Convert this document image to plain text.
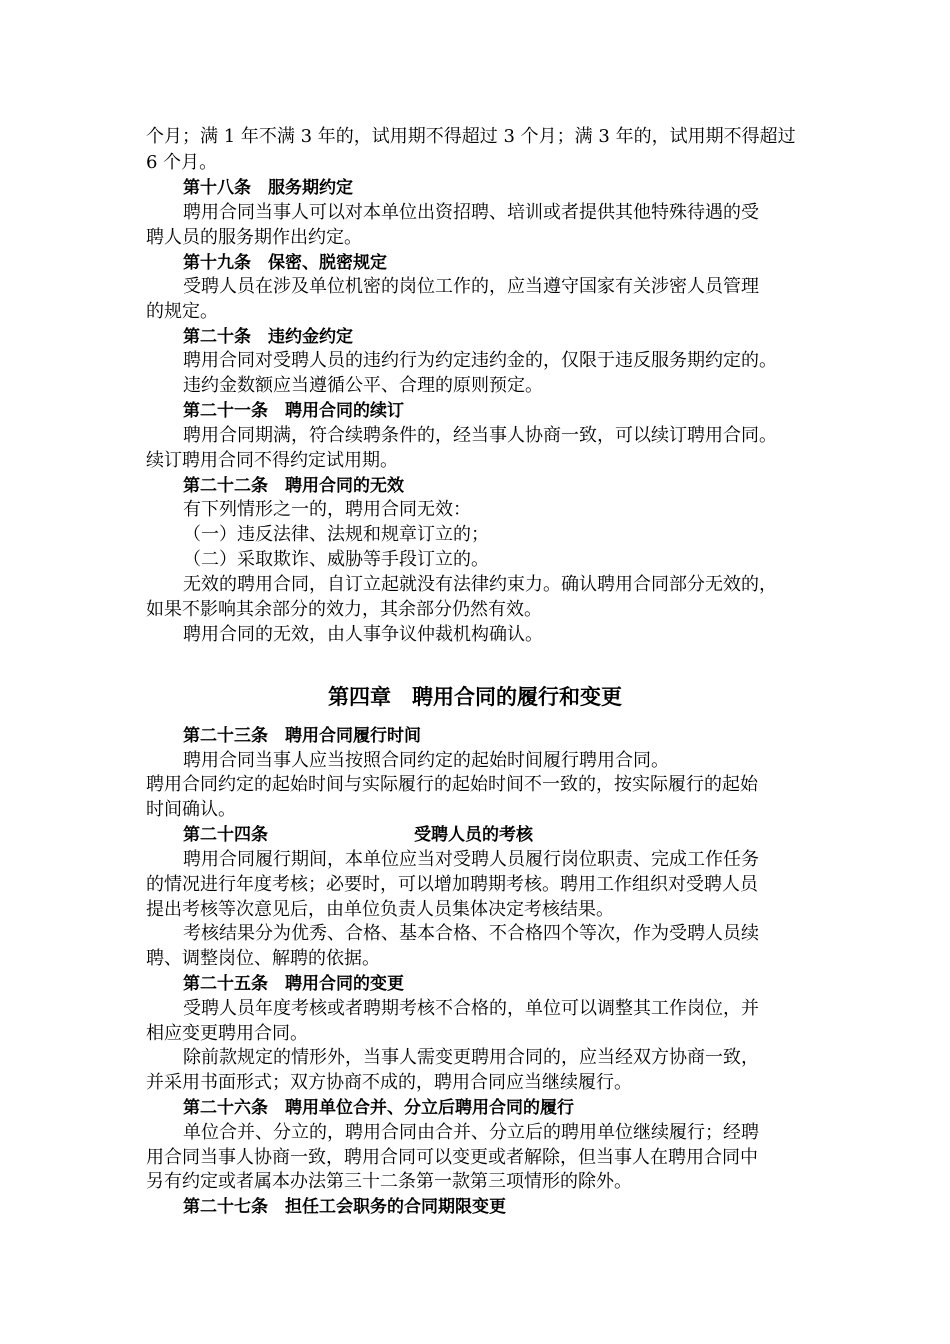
个月；满 1 年不满 3 年的，试用期不得超过 3 个月；满 3 年的，试用期不得超过
6 个月。
第十八条　服务期约定
聘用合同当事人可以对本单位出资招聘、培训或者提供其他特殊待遇的受
聘人员的服务期作出约定。
第十九条　保密、脱密规定
受聘人员在涉及单位机密的岗位工作的，应当遵守国家有关涉密人员管理
的规定。
第二十条　违约金约定
聘用合同对受聘人员的违约行为约定违约金的，仅限于违反服务期约定的。
违约金数额应当遵循公平、合理的原则预定。
第二十一条　聘用合同的续订
聘用合同期满，符合续聘条件的，经当事人协商一致，可以续订聘用合同。
续订聘用合同不得约定试用期。
第二十二条　聘用合同的无效
有下列情形之一的，聘用合同无效：
（一）违反法律、法规和规章订立的；
（二）采取欺诈、威胁等手段订立的。
无效的聘用合同，自订立起就没有法律约束力。确认聘用合同部分无效的，
如果不影响其余部分的效力，其余部分仍然有效。
聘用合同的无效，由人事争议仲裁机构确认。
第四章　聘用合同的履行和变更
第二十三条　聘用合同履行时间
聘用合同当事人应当按照合同约定的起始时间履行聘用合同。
聘用合同约定的起始时间与实际履行的起始时间不一致的，按实际履行的起始
时间确认。
第二十四条	受聘人员的考核
聘用合同履行期间，本单位应当对受聘人员履行岗位职责、完成工作任务
的情况进行年度考核；必要时，可以增加聘期考核。聘用工作组织对受聘人员
提出考核等次意见后，由单位负责人员集体决定考核结果。
考核结果分为优秀、合格、基本合格、不合格四个等次，作为受聘人员续
聘、调整岗位、解聘的依据。
第二十五条　聘用合同的变更
受聘人员年度考核或者聘期考核不合格的，单位可以调整其工作岗位，并
相应变更聘用合同。
除前款规定的情形外，当事人需变更聘用合同的，应当经双方协商一致，
并采用书面形式；双方协商不成的，聘用合同应当继续履行。
第二十六条　聘用单位合并、分立后聘用合同的履行
单位合并、分立的，聘用合同由合并、分立后的聘用单位继续履行；经聘
用合同当事人协商一致，聘用合同可以变更或者解除，但当事人在聘用合同中
另有约定或者属本办法第三十二条第一款第三项情形的除外。
第二十七条　担任工会职务的合同期限变更
